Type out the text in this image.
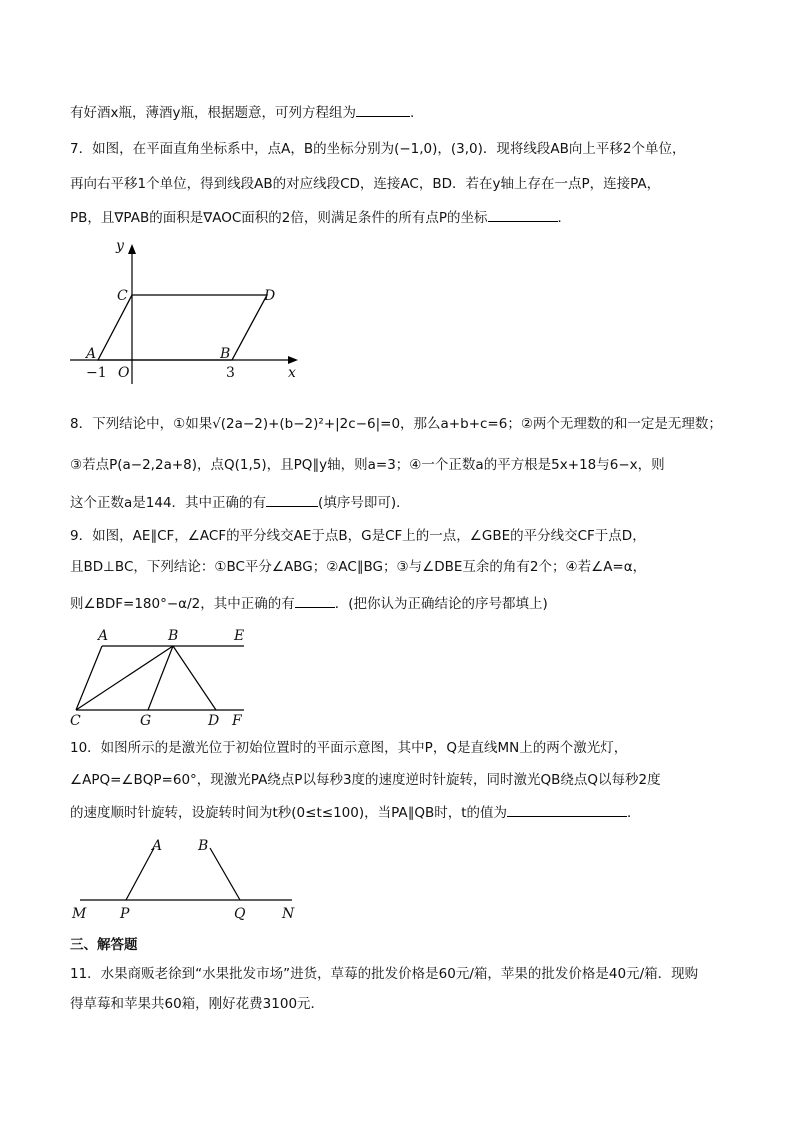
有好酒x瓶，薄酒y瓶，根据题意，可列方程组为	.
7．如图，在平面直角坐标系中，点A，B的坐标分别为(−1,0)，(3,0)．现将线段AB向上平移2个单位，
再向右平移1个单位，得到线段AB的对应线段CD，连接AC，BD．若在y轴上存在一点P，连接PA，
PB，且∇PAB的面积是∇AOC面积的2倍，则满足条件的所有点P的坐标	．
y
C	D
A	B
−1 O	3	x
8．下列结论中，①如果√(2a−2)+(b−2)²+|2c−6|=0，那么a+b+c=6；②两个无理数的和一定是无理数；
③若点P(a−2,2a+8)，点Q(1,5)，且PQ∥y轴，则a=3；④一个正数a的平方根是5x+18与6−x，则
这个正数a是144．其中正确的有	(填序号即可)．
9．如图，AE∥CF，∠ACF的平分线交AE于点B，G是CF上的一点，∠GBE的平分线交CF于点D，
且BD⊥BC，下列结论：①BC平分∠ABG；②AC∥BG；③与∠DBE互余的角有2个；④若∠A=α，
则∠BDF=180°−α/2，其中正确的有	．(把你认为正确结论的序号都填上)
A	B	E
C	G	D F
10．如图所示的是激光位于初始位置时的平面示意图，其中P，Q是直线MN上的两个激光灯，
∠APQ=∠BQP=60°，现激光PA绕点P以每秒3度的速度逆时针旋转，同时激光QB绕点Q以每秒2度
的速度顺时针旋转，设旋转时间为t秒(0≤t≤100)，当PA∥QB时，t的值为	．
A	B
M P	Q	N
三、解答题
11．水果商贩老徐到“水果批发市场”进货，草莓的批发价格是60元/箱，苹果的批发价格是40元/箱．现购
得草莓和苹果共60箱，刚好花费3100元．
